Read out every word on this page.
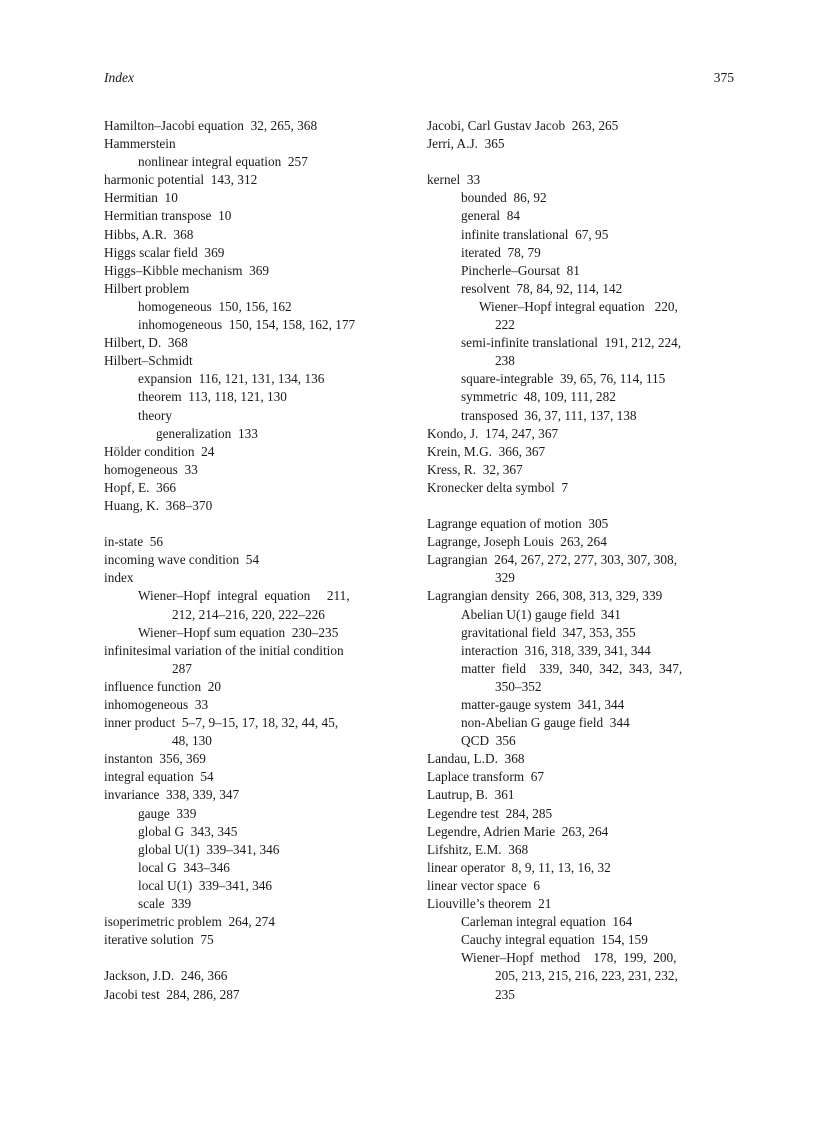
Index	375
Hamilton–Jacobi equation  32, 265, 368
Hammerstein
nonlinear integral equation  257
harmonic potential  143, 312
Hermitian  10
Hermitian transpose  10
Hibbs, A.R.  368
Higgs scalar field  369
Higgs–Kibble mechanism  369
Hilbert problem
homogeneous  150, 156, 162
inhomogeneous  150, 154, 158, 162, 177
Hilbert, D.  368
Hilbert–Schmidt
expansion  116, 121, 131, 134, 136
theorem  113, 118, 121, 130
theory
generalization  133
Hölder condition  24
homogeneous  33
Hopf, E.  366
Huang, K.  368–370
in-state  56
incoming wave condition  54
index
Wiener–Hopf  integral  equation     211,
212, 214–216, 220, 222–226
Wiener–Hopf sum equation  230–235
infinitesimal variation of the initial condition
287
influence function  20
inhomogeneous  33
inner product  5–7, 9–15, 17, 18, 32, 44, 45,
48, 130
instanton  356, 369
integral equation  54
invariance  338, 339, 347
gauge  339
global G  343, 345
global U(1)  339–341, 346
local G  343–346
local U(1)  339–341, 346
scale  339
isoperimetric problem  264, 274
iterative solution  75
Jackson, J.D.  246, 366
Jacobi test  284, 286, 287
Jacobi, Carl Gustav Jacob  263, 265
Jerri, A.J.  365
kernel  33
bounded  86, 92
general  84
infinite translational  67, 95
iterated  78, 79
Pincherle–Goursat  81
resolvent  78, 84, 92, 114, 142
Wiener–Hopf integral equation   220,
222
semi-infinite translational  191, 212, 224,
238
square-integrable  39, 65, 76, 114, 115
symmetric  48, 109, 111, 282
transposed  36, 37, 111, 137, 138
Kondo, J.  174, 247, 367
Krein, M.G.  366, 367
Kress, R.  32, 367
Kronecker delta symbol  7
Lagrange equation of motion  305
Lagrange, Joseph Louis  263, 264
Lagrangian  264, 267, 272, 277, 303, 307, 308,
329
Lagrangian density  266, 308, 313, 329, 339
Abelian U(1) gauge field  341
gravitational field  347, 353, 355
interaction  316, 318, 339, 341, 344
matter  field    339,  340,  342,  343,  347,
350–352
matter-gauge system  341, 344
non-Abelian G gauge field  344
QCD  356
Landau, L.D.  368
Laplace transform  67
Lautrup, B.  361
Legendre test  284, 285
Legendre, Adrien Marie  263, 264
Lifshitz, E.M.  368
linear operator  8, 9, 11, 13, 16, 32
linear vector space  6
Liouville’s theorem  21
Carleman integral equation  164
Cauchy integral equation  154, 159
Wiener–Hopf  method    178,  199,  200,
205, 213, 215, 216, 223, 231, 232,
235
